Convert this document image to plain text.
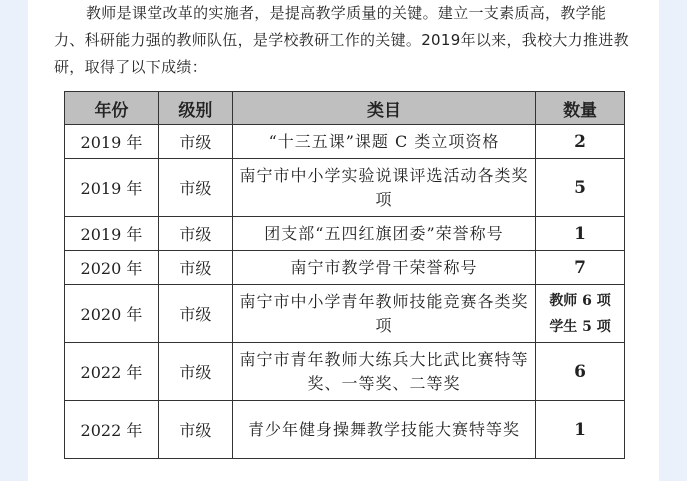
教师是课堂改革的实施者，是提高教学质量的关键。建立一支素质高，教学能力、科研能力强的教师队伍，是学校教研工作的关键。2019年以来，我校大力推进教研，取得了以下成绩：

年份	级别	类目	数量
2019 年	市级	“十三五课”课题 C 类立项资格	2
2019 年	市级	南宁市中小学实验说课评选活动各类奖项	5
2019 年	市级	团支部“五四红旗团委”荣誉称号	1
2020 年	市级	南宁市教学骨干荣誉称号	7
2020 年	市级	南宁市中小学青年教师技能竞赛各类奖项	教师 6 项
学生 5 项

2022 年	市级	南宁市青年教师大练兵大比武比赛特等奖、一等奖、二等奖	6
2022 年	市级	青少年健身操舞教学技能大赛特等奖	1
